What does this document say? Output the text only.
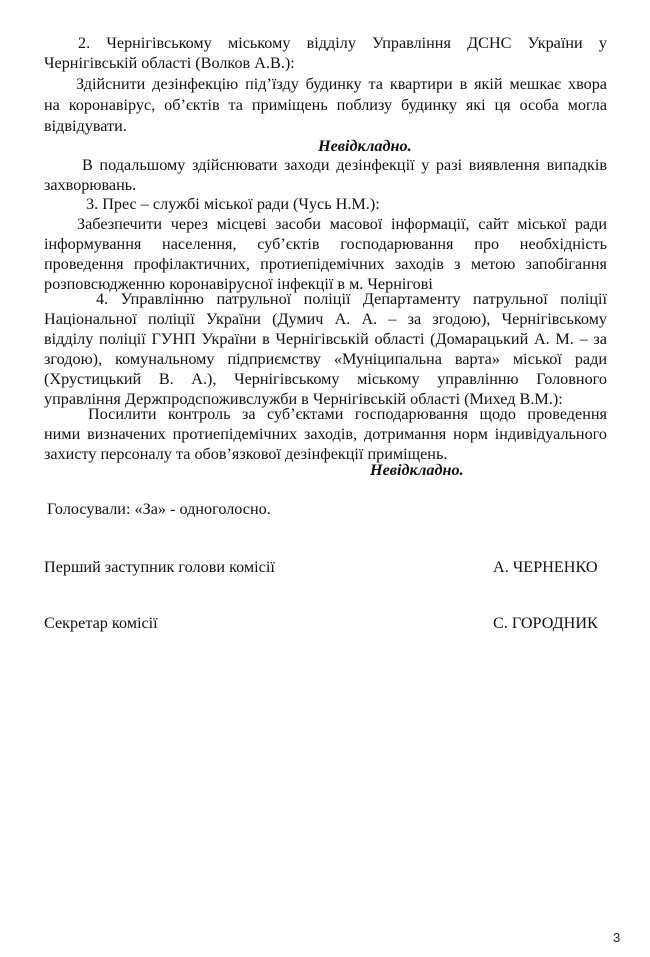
2. Чернігівському міському відділу Управління ДСНС України у
Чернігівській області (Волков А.В.):
Здійснити дезінфекцію під’їзду будинку та квартири в якій мешкає хвора
на коронавірус, об’єктів та приміщень поблизу будинку які ця особа могла
відвідувати.
Невідкладно.
В подальшому здійснювати заходи дезінфекції у разі виявлення випадків
захворювань.
3. Прес – службі міської ради (Чусь Н.М.):
Забезпечити через місцеві засоби масової інформації, сайт міської ради
інформування населення, суб’єктів господарювання про необхідність
проведення профілактичних, протиепідемічних заходів з метою запобігання
розповсюдженню коронавірусної інфекції в м. Чернігові
4. Управлінню патрульної поліції Департаменту патрульної поліції
Національної поліції України (Думич А. А. – за згодою), Чернігівському
відділу поліції ГУНП України в Чернігівській області (Домарацький А. М. – за
згодою), комунальному підприємству «Муніципальна варта» міської ради
(Хрустицький В. А.), Чернігівському міському управлінню Головного
управління Держпродспоживслужби в Чернігівській області (Михед В.М.):
Посилити контроль за суб’єктами господарювання щодо проведення
ними визначених протиепідемічних заходів, дотримання норм індивідуального
захисту персоналу та обов’язкової дезінфекції приміщень.
Невідкладно.
Голосували: «За» - одноголосно.
Перший заступник голови комісії	А. ЧЕРНЕНКО
Секретар комісії	С. ГОРОДНИК
3
